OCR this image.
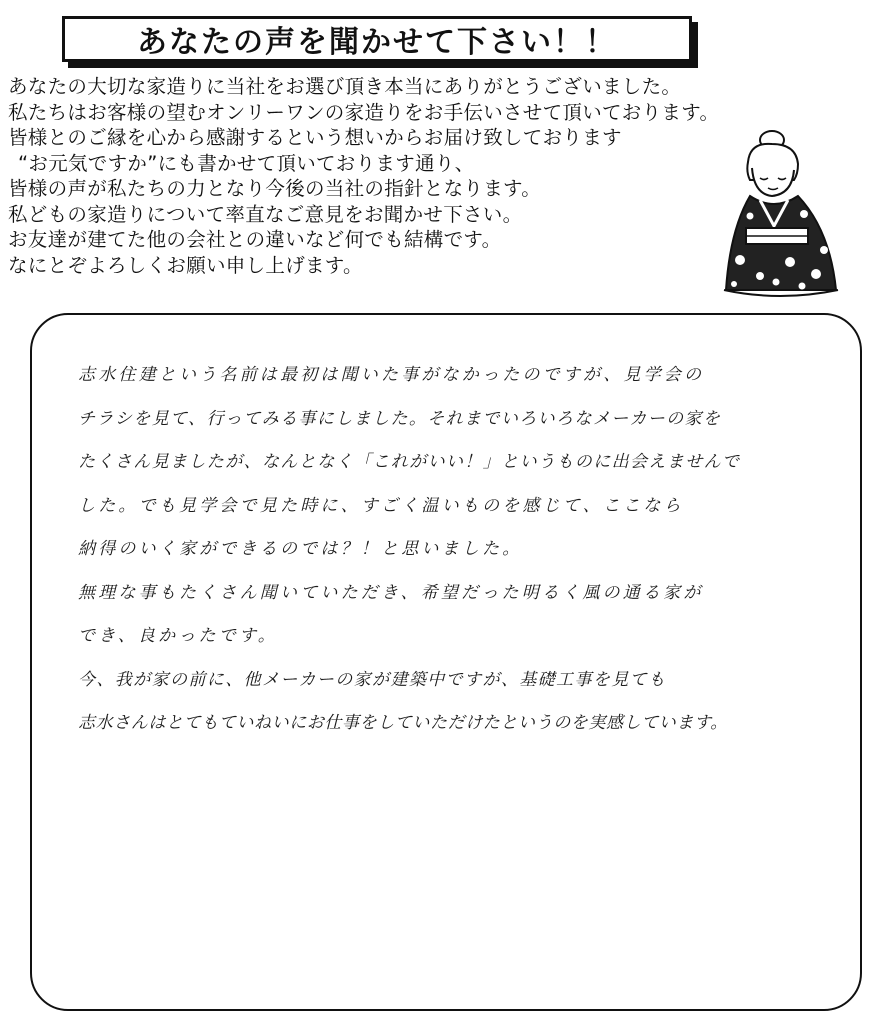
あなたの声を聞かせて下さい！！
あなたの大切な家造りに当社をお選び頂き本当にありがとうございました。
私たちはお客様の望むオンリーワンの家造りをお手伝いさせて頂いております。
皆様とのご縁を心から感謝するという想いからお届け致しております
“お元気ですか”にも書かせて頂いております通り、
皆様の声が私たちの力となり今後の当社の指針となります。
私どもの家造りについて率直なご意見をお聞かせ下さい。
お友達が建てた他の会社との違いなど何でも結構です。
なにとぞよろしくお願い申し上げます。
志水住建という名前は最初は聞いた事がなかったのですが、見学会の
チラシを見て、行ってみる事にしました。それまでいろいろなメーカーの家を
たくさん見ましたが、なんとなく「これがいい！」というものに出会えませんで
した。でも見学会で見た時に、すごく温いものを感じて、ここなら
納得のいく家ができるのでは？！と思いました。
無理な事もたくさん聞いていただき、希望だった明るく風の通る家が
でき、良かったです。
今、我が家の前に、他メーカーの家が建築中ですが、基礎工事を見ても
志水さんはとてもていねいにお仕事をしていただけたというのを実感しています。
